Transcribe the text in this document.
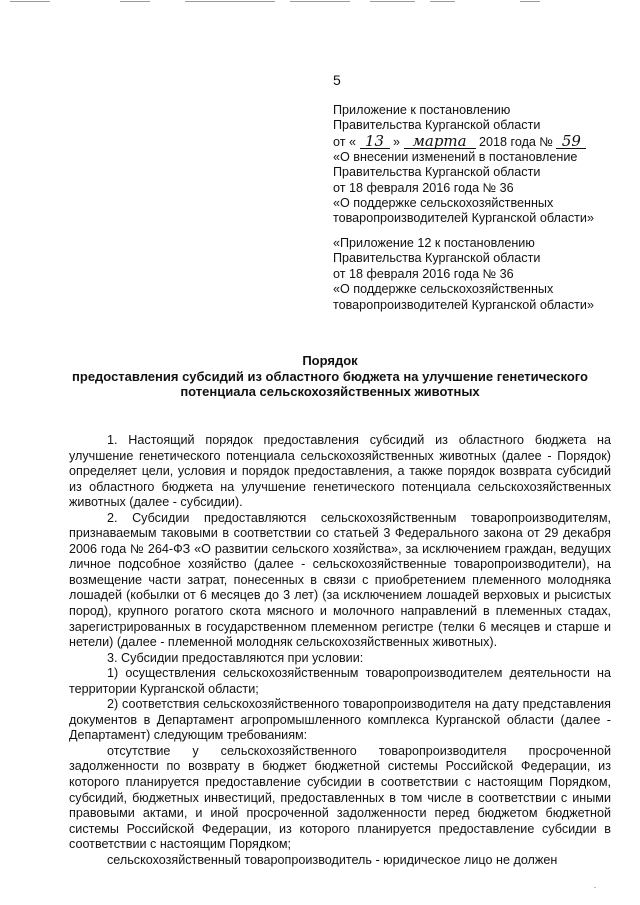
5
Приложение к постановлению
Правительства Курганской области
от « 13 » марта 2018 года № 59
«О внесении изменений в постановление
Правительства Курганской области
от 18 февраля 2016 года № 36
«О поддержке сельскохозяйственных
товаропроизводителей Курганской области»
«Приложение 12 к постановлению
Правительства Курганской области
от 18 февраля 2016 года № 36
«О поддержке сельскохозяйственных
товаропроизводителей Курганской области»
Порядок
предоставления субсидий из областного бюджета на улучшение генетического
потенциала сельскохозяйственных животных

1. Настоящий порядок предоставления субсидий из областного бюджета на улучшение генетического потенциала сельскохозяйственных животных (далее - Порядок) определяет цели, условия и порядок предоставления, а также порядок возврата субсидий из областного бюджета на улучшение генетического потенциала сельскохозяйственных животных (далее - субсидии).

2. Субсидии предоставляются сельскохозяйственным товаропроизводителям, признаваемым таковыми в соответствии со статьей 3 Федерального закона от 29 декабря 2006 года № 264-ФЗ «О развитии сельского хозяйства», за исключением граждан, ведущих личное подсобное хозяйство (далее - сельскохозяйственные товаропроизводители), на возмещение части затрат, понесенных в связи с приобретением племенного молодняка лошадей (кобылки от 6 месяцев до 3 лет) (за исключением лошадей верховых и рысистых пород), крупного рогатого скота мясного и молочного направлений в племенных стадах, зарегистрированных в государственном племенном регистре (телки 6 месяцев и старше и нетели) (далее - племенной молодняк сельскохозяйственных животных).

3. Субсидии предоставляются при условии:

1) осуществления сельскохозяйственным товаропроизводителем деятельности на территории Курганской области;

2) соответствия сельскохозяйственного товаропроизводителя на дату представления документов в Департамент агропромышленного комплекса Курганской области (далее - Департамент) следующим требованиям:

отсутствие у сельскохозяйственного товаропроизводителя просроченной задолженности по возврату в бюджет бюджетной системы Российской Федерации, из которого планируется предоставление субсидии в соответствии с настоящим Порядком, субсидий, бюджетных инвестиций, предоставленных в том числе в соответствии с иными правовыми актами, и иной просроченной задолженности перед бюджетом бюджетной системы Российской Федерации, из которого планируется предоставление субсидии в соответствии с настоящим Порядком;

сельскохозяйственный товаропроизводитель - юридическое лицо не должен
